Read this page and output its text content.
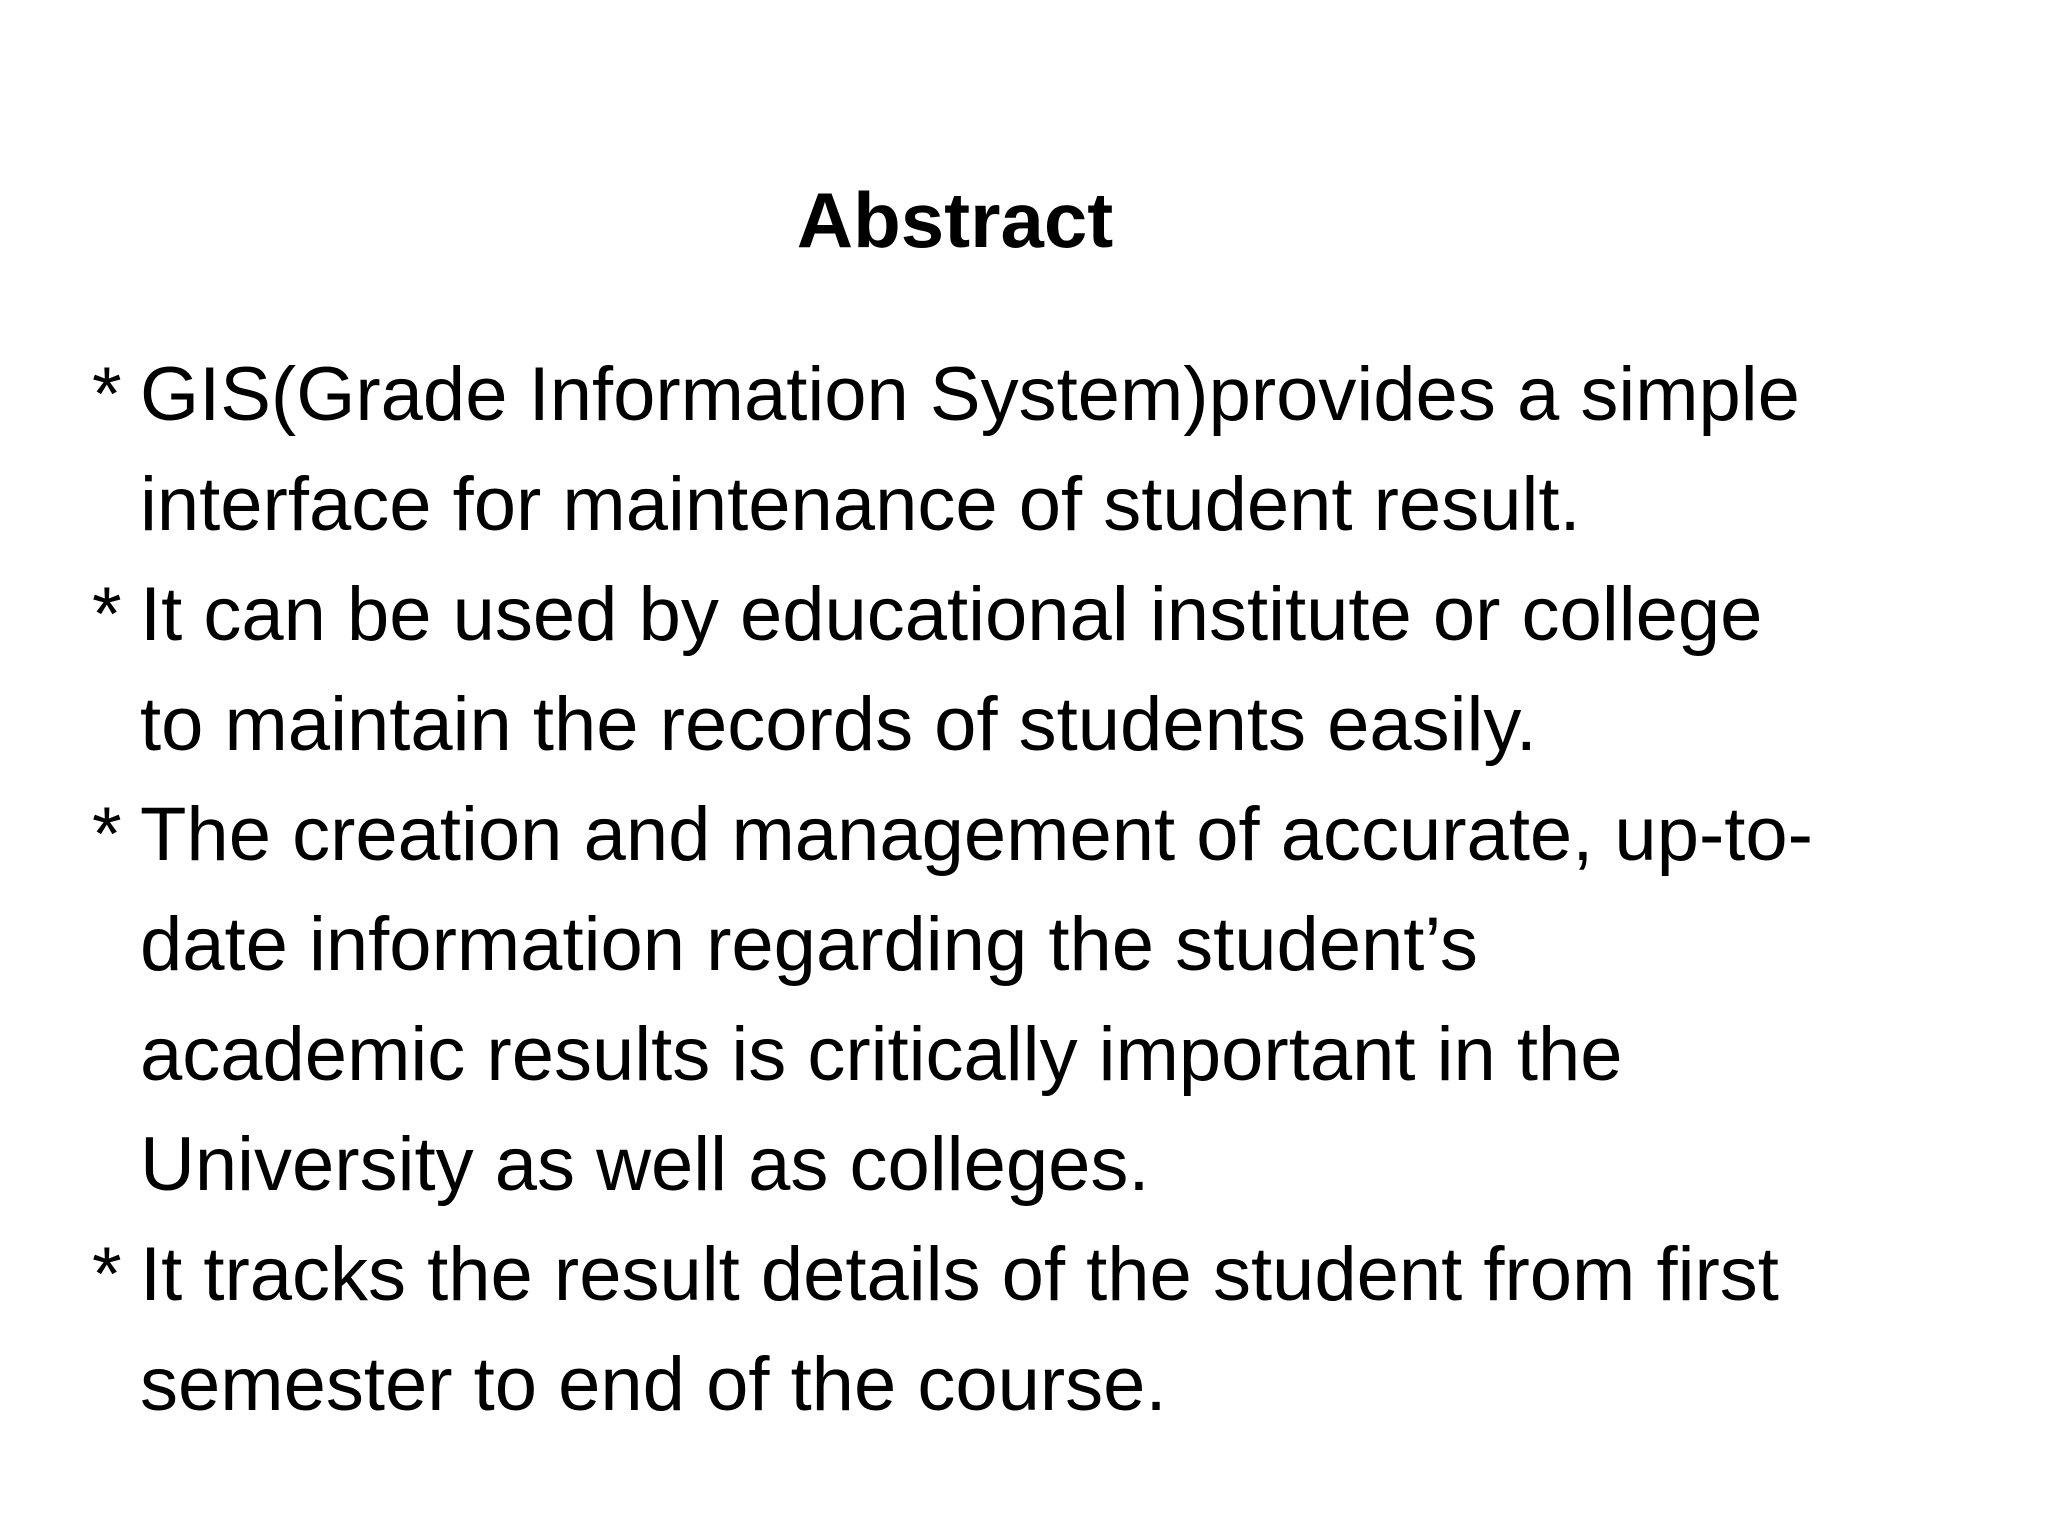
Abstract
* GIS(Grade Information System)provides a simple
interface for maintenance of student result.
* It can be used by educational institute or college
to maintain the records of students easily.
* The creation and management of accurate, up-to-
date information regarding the student’s
academic results is critically important in the
University as well as colleges.
* It tracks the result details of the student from first
semester to end of the course.
